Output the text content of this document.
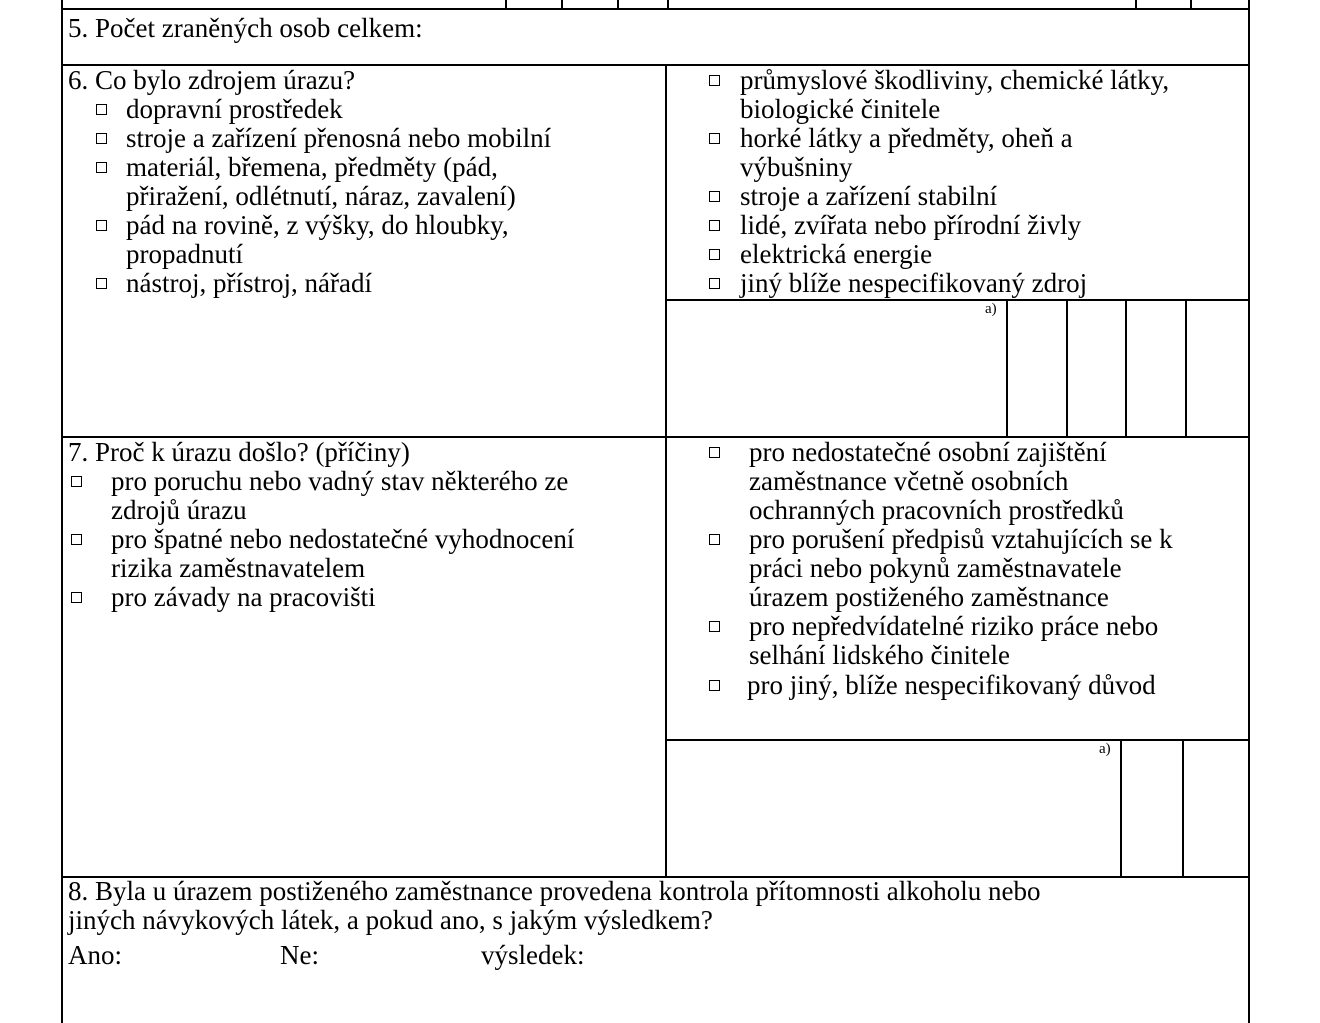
5. Počet zraněných osob celkem:
a)
6. Co bylo zdrojem úrazu?
dopravní prostředek
stroje a zařízení přenosná nebo mobilní
materiál, břemena, předměty (pád,
přiražení, odlétnutí, náraz, zavalení)
pád na rovině, z výšky, do hloubky,
propadnutí
nástroj, přístroj, nářadí
průmyslové škodliviny, chemické látky,
biologické činitele
horké látky a předměty, oheň a
výbušniny
stroje a zařízení stabilní
lidé, zvířata nebo přírodní živly
elektrická energie
jiný blíže nespecifikovaný zdroj
a)
7. Proč k úrazu došlo? (příčiny)
pro poruchu nebo vadný stav některého ze
zdrojů úrazu
pro špatné nebo nedostatečné vyhodnocení
rizika zaměstnavatelem
pro závady na pracovišti
pro nedostatečné osobní zajištění
zaměstnance včetně osobních
ochranných pracovních prostředků
pro porušení předpisů vztahujících se k
práci nebo pokynů zaměstnavatele
úrazem postiženého zaměstnance
pro nepředvídatelné riziko práce nebo
selhání lidského činitele
pro jiný, blíže nespecifikovaný důvod
8. Byla u úrazem postiženého zaměstnance provedena kontrola přítomnosti alkoholu nebo
jiných návykových látek, a pokud ano, s jakým výsledkem?
Ano:	Ne:	výsledek:
